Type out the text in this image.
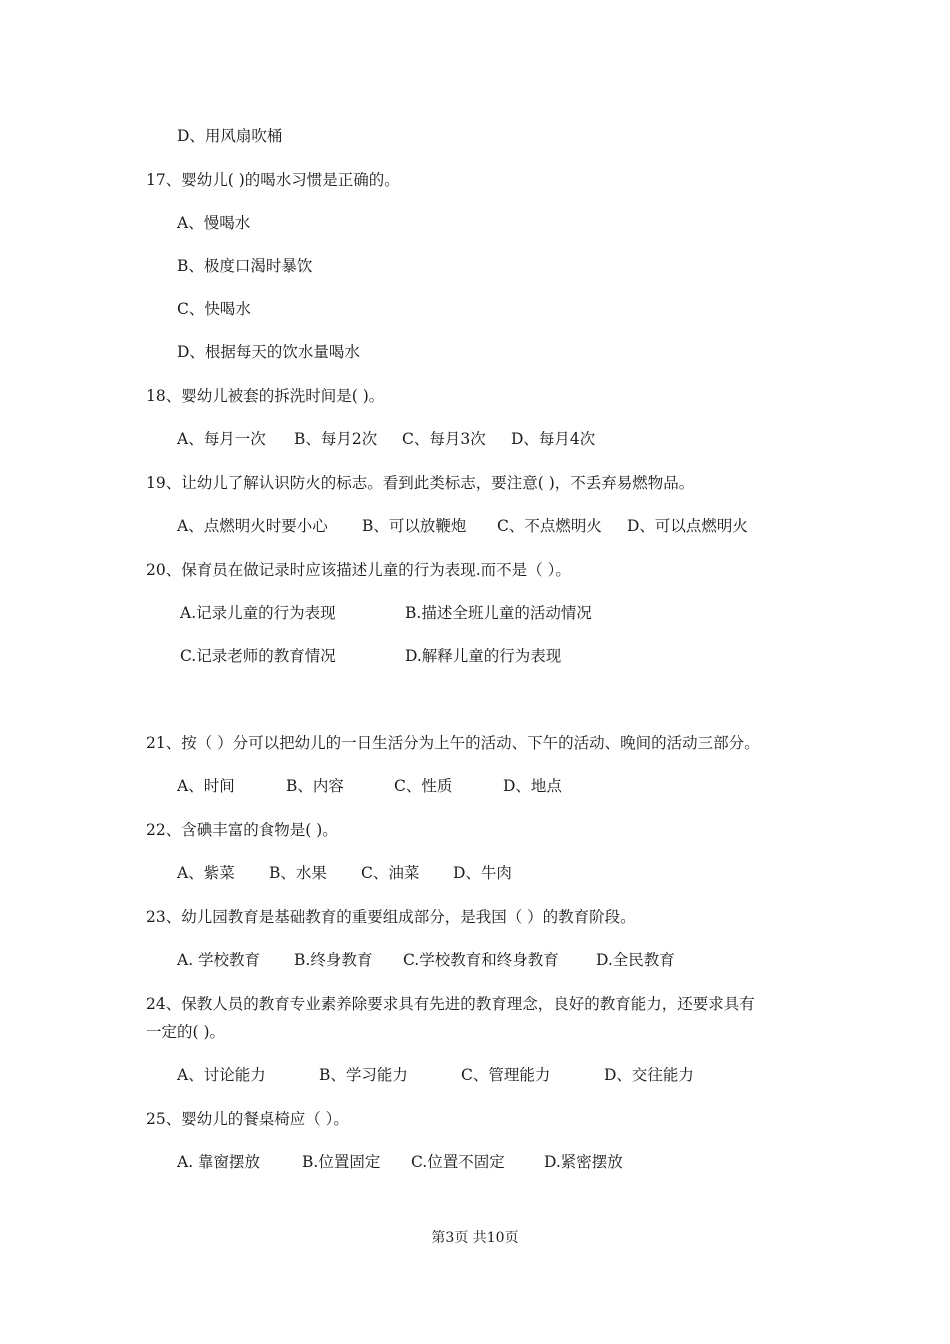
D、用风扇吹桶
17、婴幼儿( )的喝水习惯是正确的。
A、慢喝水
B、极度口渴时暴饮
C、快喝水
D、根据每天的饮水量喝水
18、婴幼儿被套的拆洗时间是( )。
A、每月一次 B、每月2次 C、每月3次 D、每月4次
19、让幼儿了解认识防火的标志。看到此类标志，要注意( )，不丢弃易燃物品。
A、点燃明火时要小心 B、可以放鞭炮 C、不点燃明火 D、可以点燃明火
20、保育员在做记录时应该描述儿童的行为表现.而不是（ ）。
A.记录儿童的行为表现	B.描述全班儿童的活动情况
C.记录老师的教育情况	D.解释儿童的行为表现
21、按（ ）分可以把幼儿的一日生活分为上午的活动、下午的活动、晚间的活动三部分。
A、时间	B、内容	C、性质	D、地点
22、含碘丰富的食物是( )。
A、紫菜 B、水果 C、油菜 D、牛肉
23、幼儿园教育是基础教育的重要组成部分，是我国（ ）的教育阶段。
A. 学校教育 B.终身教育 C.学校教育和终身教育 D.全民教育
24、保教人员的教育专业素养除要求具有先进的教育理念，良好的教育能力，还要求具有
一定的( )。
A、讨论能力	B、学习能力	C、管理能力	D、交往能力
25、婴幼儿的餐桌椅应（ ）。
A. 靠窗摆放	B.位置固定 C.位置不固定	D.紧密摆放
第3页 共10页
